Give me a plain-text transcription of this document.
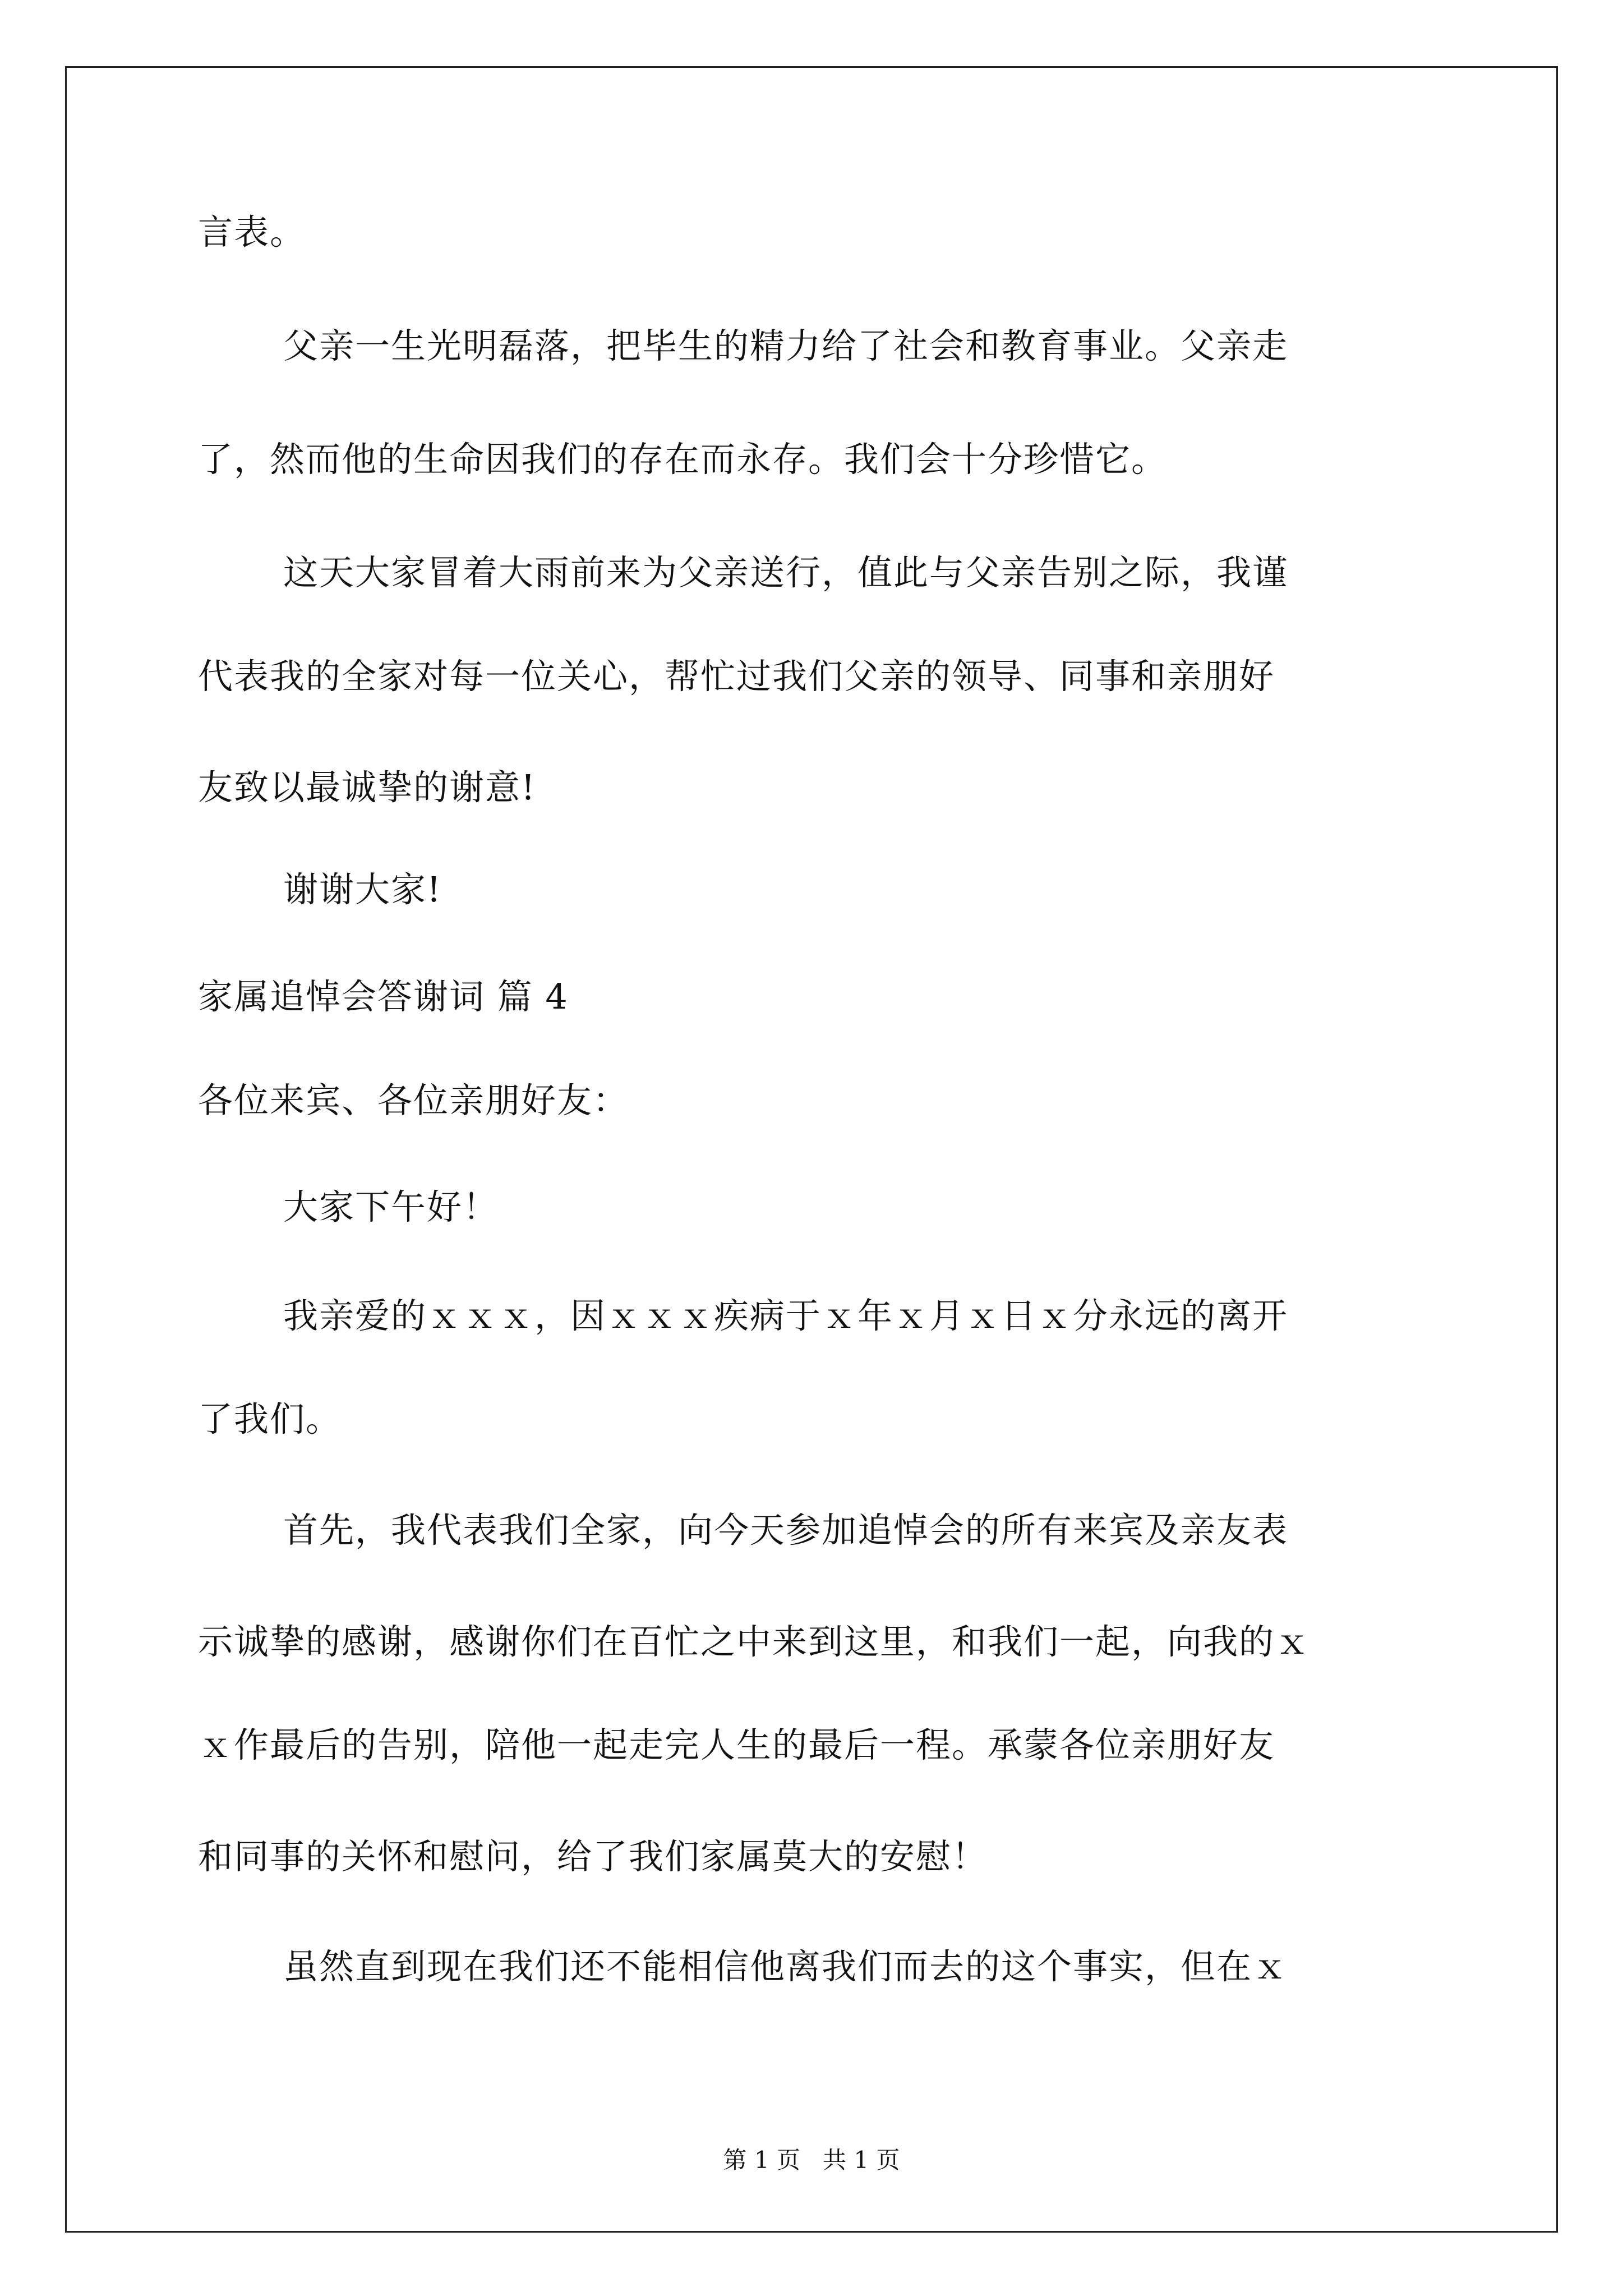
言表。
父亲一生光明磊落，把毕生的精力给了社会和教育事业。父亲走
了，然而他的生命因我们的存在而永存。我们会十分珍惜它。
这天大家冒着大雨前来为父亲送行，值此与父亲告别之际，我谨
代表我的全家对每一位关心，帮忙过我们父亲的领导、同事和亲朋好
友致以最诚挚的谢意!
谢谢大家!
家属追悼会答谢词 篇 4
各位来宾、各位亲朋好友：
大家下午好！
我亲爱的ｘｘｘ，因ｘｘｘ疾病于ｘ年ｘ月ｘ日ｘ分永远的离开
了我们。
首先，我代表我们全家，向今天参加追悼会的所有来宾及亲友表
示诚挚的感谢，感谢你们在百忙之中来到这里，和我们一起，向我的ｘ
ｘ作最后的告别，陪他一起走完人生的最后一程。承蒙各位亲朋好友
和同事的关怀和慰问，给了我们家属莫大的安慰！
虽然直到现在我们还不能相信他离我们而去的这个事实，但在ｘ
第 1 页   共 1 页
